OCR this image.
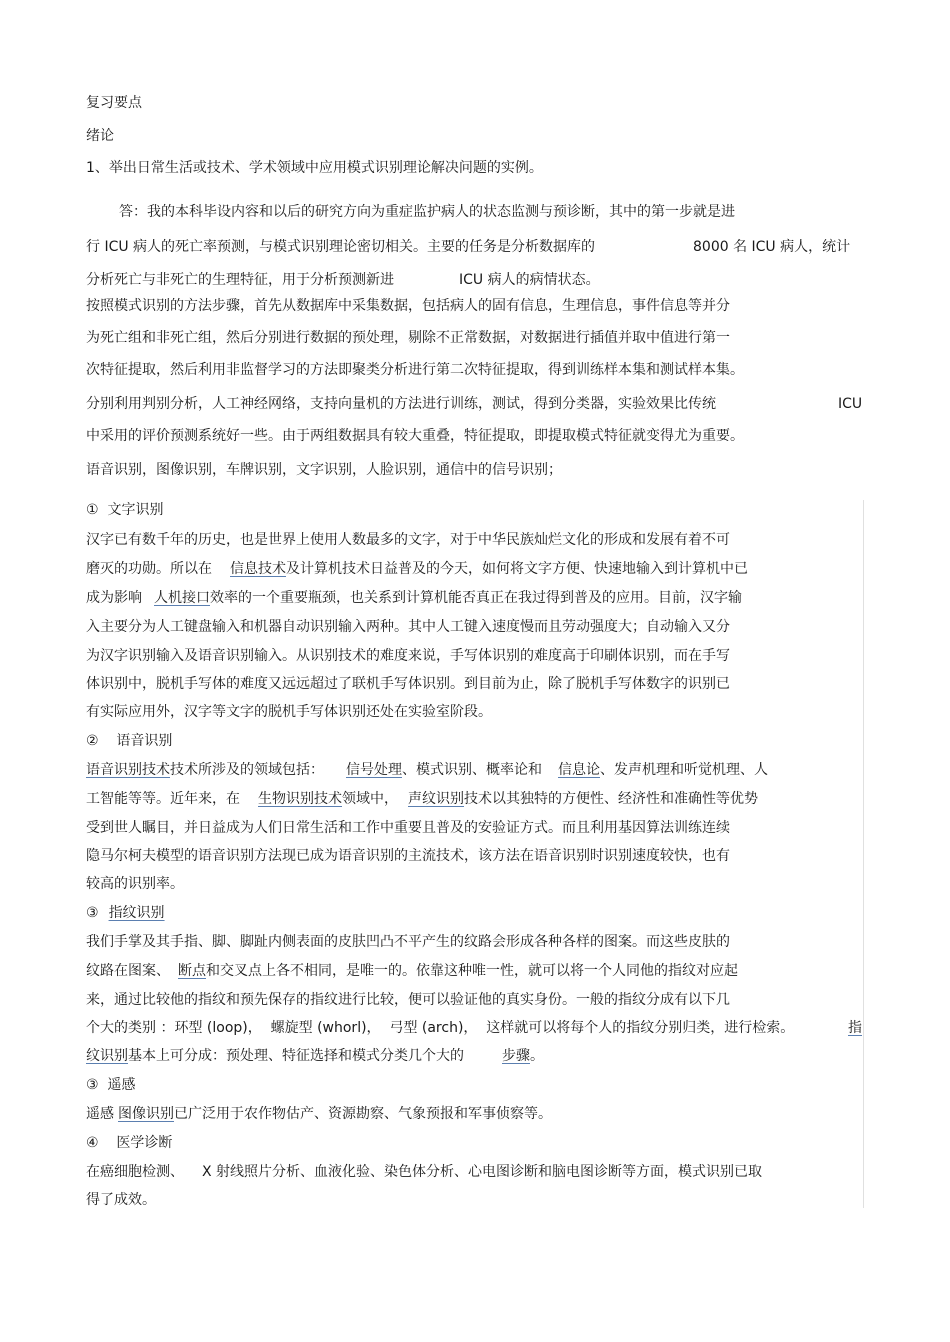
复习要点
绪论
1、举出日常生活或技术、学术领域中应用模式识别理论解决问题的实例。
答：我的本科毕设内容和以后的研究方向为重症监护病人的状态监测与预诊断，其中的第一步就是进
行 ICU 病人的死亡率预测，与模式识别理论密切相关。主要的任务是分析数据库的	8000 名 ICU 病人，统计
分析死亡与非死亡的生理特征，用于分析预测新进	ICU 病人的病情状态。
按照模式识别的方法步骤，首先从数据库中采集数据，包括病人的固有信息，生理信息，事件信息等并分
为死亡组和非死亡组，然后分别进行数据的预处理，剔除不正常数据，对数据进行插值并取中值进行第一
次特征提取，然后利用非监督学习的方法即聚类分析进行第二次特征提取，得到训练样本集和测试样本集。
分别利用判别分析，人工神经网络，支持向量机的方法进行训练，测试，得到分类器，实验效果比传统	ICU
中采用的评价预测系统好一些。由于两组数据具有较大重叠，特征提取，即提取模式特征就变得尤为重要。
语音识别，图像识别，车牌识别，文字识别，人脸识别，通信中的信号识别；
①  文字识别
汉字已有数千年的历史，也是世界上使用人数最多的文字，对于中华民族灿烂文化的形成和发展有着不可
磨灭的功勋。所以在 信息技术及计算机技术日益普及的今天，如何将文字方便、快速地输入到计算机中已
成为影响 人机接口效率的一个重要瓶颈，也关系到计算机能否真正在我过得到普及的应用。目前，汉字输
入主要分为人工键盘输入和机器自动识别输入两种。其中人工键入速度慢而且劳动强度大；自动输入又分
为汉字识别输入及语音识别输入。从识别技术的难度来说，手写体识别的难度高于印刷体识别，而在手写
体识别中，脱机手写体的难度又远远超过了联机手写体识别。到目前为止，除了脱机手写体数字的识别已
有实际应用外，汉字等文字的脱机手写体识别还处在实验室阶段。
②    语音识别
语音识别技术技术所涉及的领域包括： 信号处理、模式识别、概率论和 信息论、发声机理和听觉机理、人
工智能等等。近年来，在 生物识别技术领域中， 声纹识别技术以其独特的方便性、经济性和准确性等优势
受到世人瞩目，并日益成为人们日常生活和工作中重要且普及的安验证方式。而且利用基因算法训练连续
隐马尔柯夫模型的语音识别方法现已成为语音识别的主流技术，该方法在语音识别时识别速度较快，也有
较高的识别率。
③ 指纹识别
我们手掌及其手指、脚、脚趾内侧表面的皮肤凹凸不平产生的纹路会形成各种各样的图案。而这些皮肤的
纹路在图案、 断点和交叉点上各不相同，是唯一的。依靠这种唯一性，就可以将一个人同他的指纹对应起
来，通过比较他的指纹和预先保存的指纹进行比较，便可以验证他的真实身份。一般的指纹分成有以下几
个大的类别 ：环型 (loop)，  螺旋型 (whorl)，  弓型 (arch)，  这样就可以将每个人的指纹分别归类，进行检索。	指
纹识别基本上可分成：预处理、特征选择和模式分类几个大的	步骤。
③  遥感
遥感 图像识别已广泛用于农作物估产、资源勘察、气象预报和军事侦察等。
④    医学诊断
在癌细胞检测、 X 射线照片分析、血液化验、染色体分析、心电图诊断和脑电图诊断等方面，模式识别已取
得了成效。
